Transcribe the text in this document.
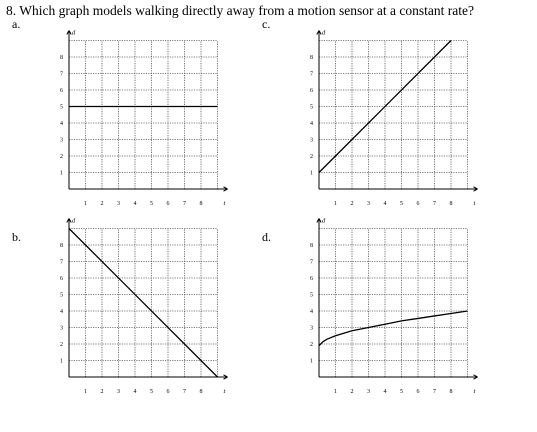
8. Which graph models walking directly away from a motion sensor at a constant rate?
a.	c.
b.	d.
t
d
1 2 3 4 5 6 7 8
1
2
3
4
5
6
7
8
t
d
1 2 3 4 5 6 7 8
1
2
3
4
5
6
7
8
t
d
1 2 3 4 5 6 7 8
1
2
3
4
5
6
7
8
t
d
1 2 3 4 5 6 7 8
1
2
3
4
5
6
7
8
